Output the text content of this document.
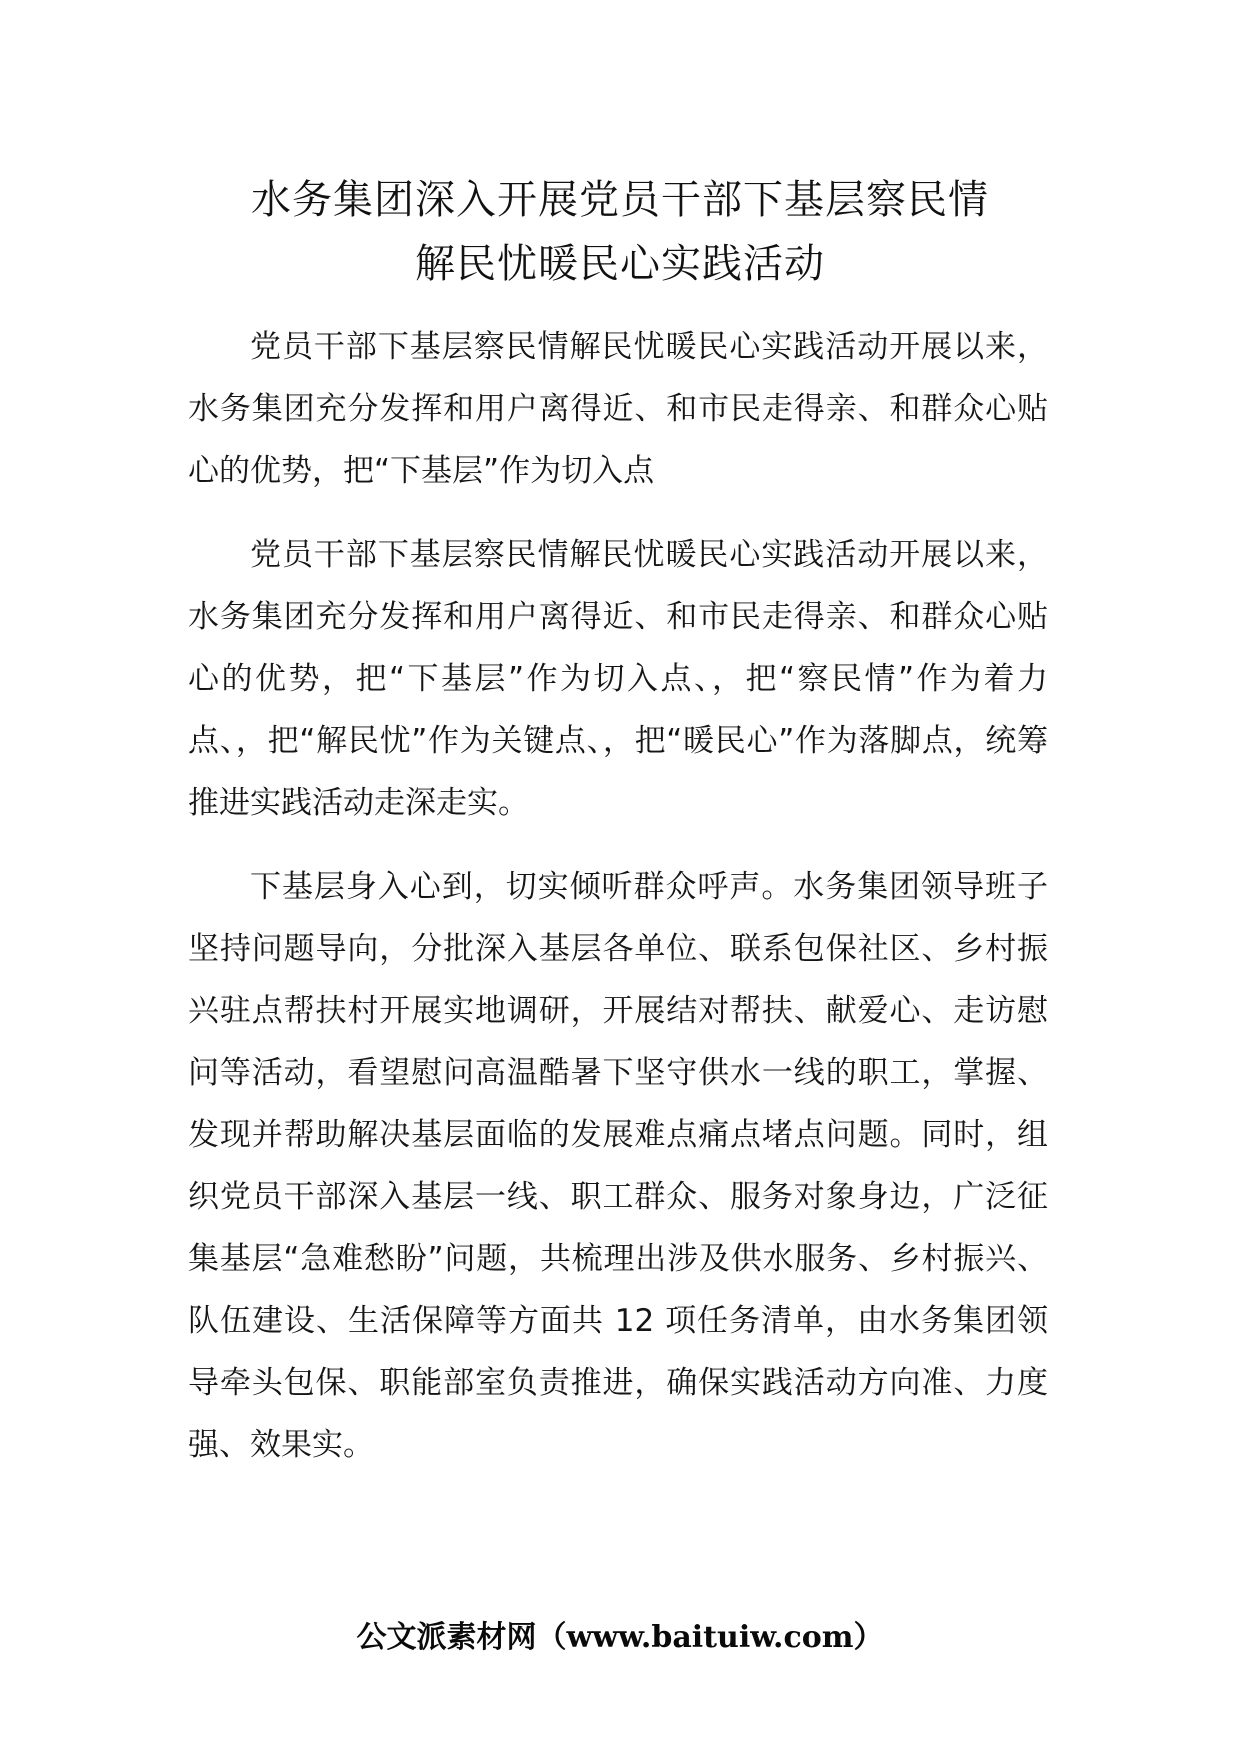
水务集团深入开展党员干部下基层察民情
解民忧暖民心实践活动

党员干部下基层察民情解民忧暖民心实践活动开展以来，水务集团充分发挥和用户离得近、和市民走得亲、和群众心贴心的优势，把“下基层”作为切入点

党员干部下基层察民情解民忧暖民心实践活动开展以来，水务集团充分发挥和用户离得近、和市民走得亲、和群众心贴心的优势，把“下基层”作为切入点、，把“察民情”作为着力点、，把“解民忧”作为关键点、，把“暖民心”作为落脚点，统筹推进实践活动走深走实。

下基层身入心到，切实倾听群众呼声。水务集团领导班子坚持问题导向，分批深入基层各单位、联系包保社区、乡村振兴驻点帮扶村开展实地调研，开展结对帮扶、献爱心、走访慰问等活动，看望慰问高温酷暑下坚守供水一线的职工，掌握、发现并帮助解决基层面临的发展难点痛点堵点问题。同时，组织党员干部深入基层一线、职工群众、服务对象身边，广泛征集基层“急难愁盼”问题，共梳理出涉及供水服务、乡村振兴、队伍建设、生活保障等方面共 12 项任务清单，由水务集团领导牵头包保、职能部室负责推进，确保实践活动方向准、力度强、效果实。

公文派素材网（www.baituiw.com）
